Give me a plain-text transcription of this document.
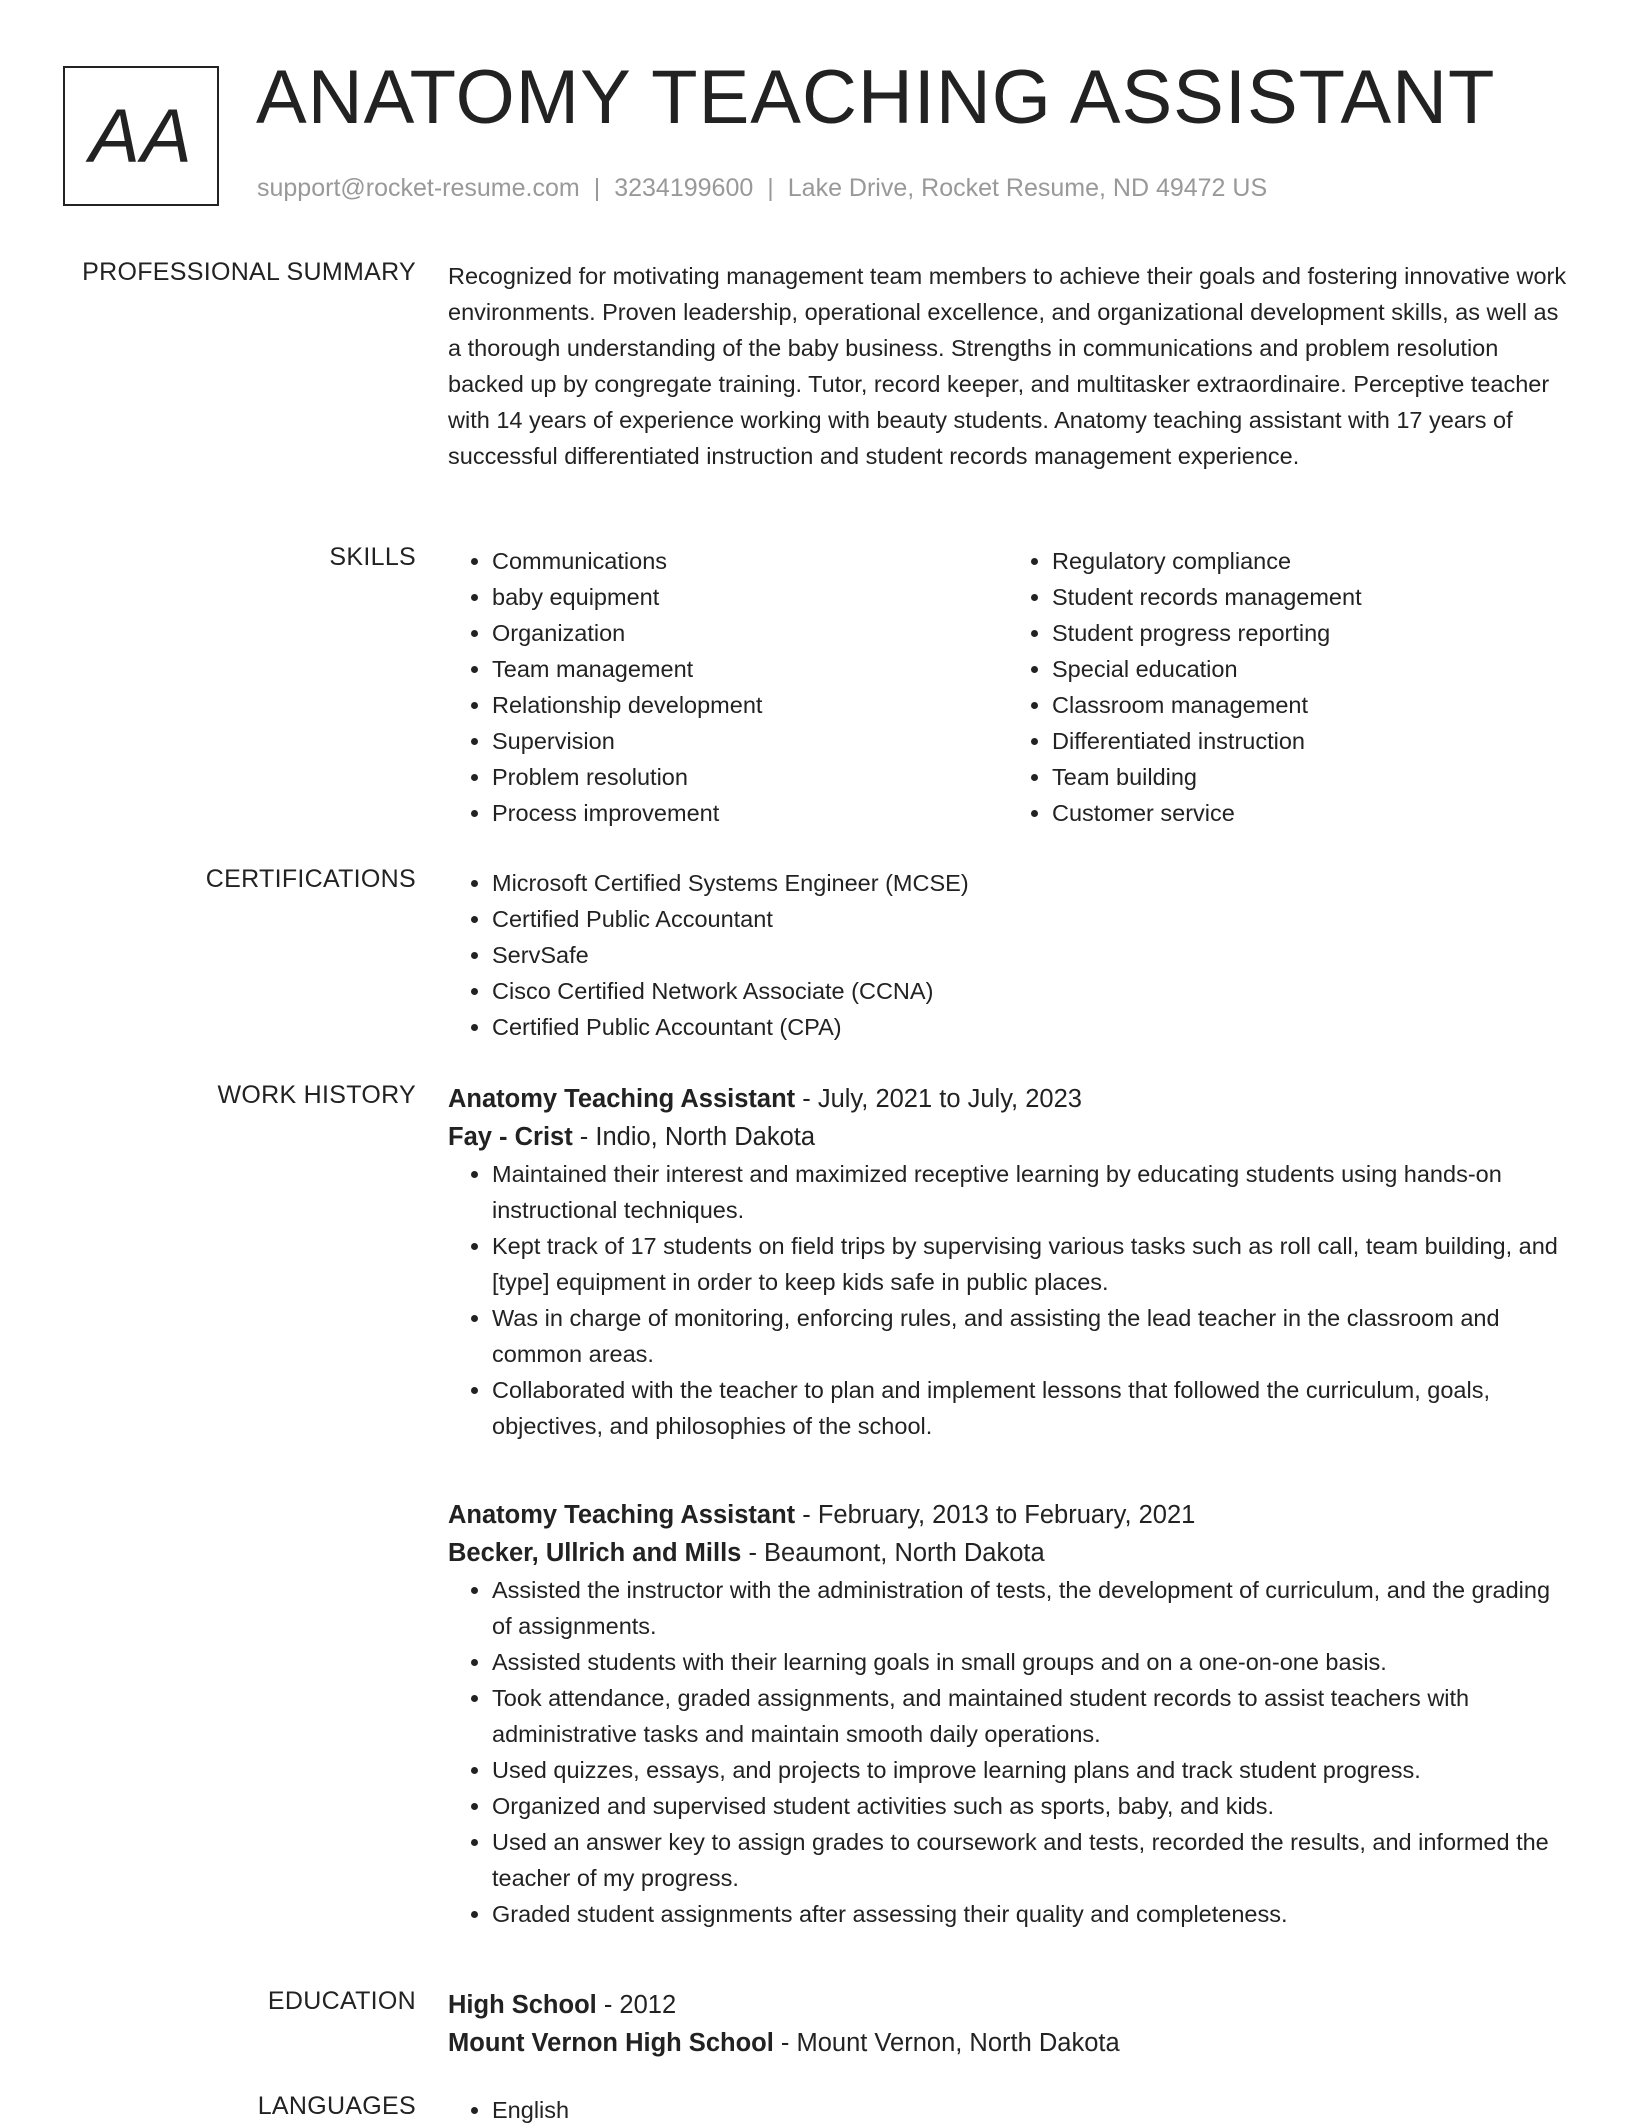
AA ANATOMY TEACHING ASSISTANT
support@rocket-resume.com | 3234199600 | Lake Drive, Rocket Resume, ND 49472 US
PROFESSIONAL SUMMARY Recognized for motivating management team members to achieve their goals and fostering innovative work environments. Proven leadership, operational excellence, and organizational development skills, as well as a thorough understanding of the baby business. Strengths in communications and problem resolution backed up by congregate training. Tutor, record keeper, and multitasker extraordinaire. Perceptive teacher with 14 years of experience working with beauty students. Anatomy teaching assistant with 17 years of successful differentiated instruction and student records management experience.
SKILLS	• Communications
• baby equipment
• Organization
• Team management
• Relationship development
• Supervision
• Problem resolution
• Process improvement
• Regulatory compliance
• Student records management
• Student progress reporting
• Special education
• Classroom management
• Differentiated instruction
• Team building
• Customer service
CERTIFICATIONS	• Microsoft Certified Systems Engineer (MCSE)
• Certified Public Accountant
• ServSafe
• Cisco Certified Network Associate (CCNA)
• Certified Public Accountant (CPA)
WORK HISTORY Anatomy Teaching Assistant - July, 2021 to July, 2023
Fay - Crist - Indio, North Dakota
• Maintained their interest and maximized receptive learning by educating students using hands-on instructional techniques.
• Kept track of 17 students on field trips by supervising various tasks such as roll call, team building, and [type] equipment in order to keep kids safe in public places.
• Was in charge of monitoring, enforcing rules, and assisting the lead teacher in the classroom and common areas.
• Collaborated with the teacher to plan and implement lessons that followed the curriculum, goals, objectives, and philosophies of the school.
Anatomy Teaching Assistant - February, 2013 to February, 2021
Becker, Ullrich and Mills - Beaumont, North Dakota
• Assisted the instructor with the administration of tests, the development of curriculum, and the grading of assignments.
• Assisted students with their learning goals in small groups and on a one-on-one basis.
• Took attendance, graded assignments, and maintained student records to assist teachers with administrative tasks and maintain smooth daily operations.
• Used quizzes, essays, and projects to improve learning plans and track student progress.
• Organized and supervised student activities such as sports, baby, and kids.
• Used an answer key to assign grades to coursework and tests, recorded the results, and informed the teacher of my progress.
• Graded student assignments after assessing their quality and completeness.
EDUCATION High School - 2012
Mount Vernon High School - Mount Vernon, North Dakota
LANGUAGES	• English
